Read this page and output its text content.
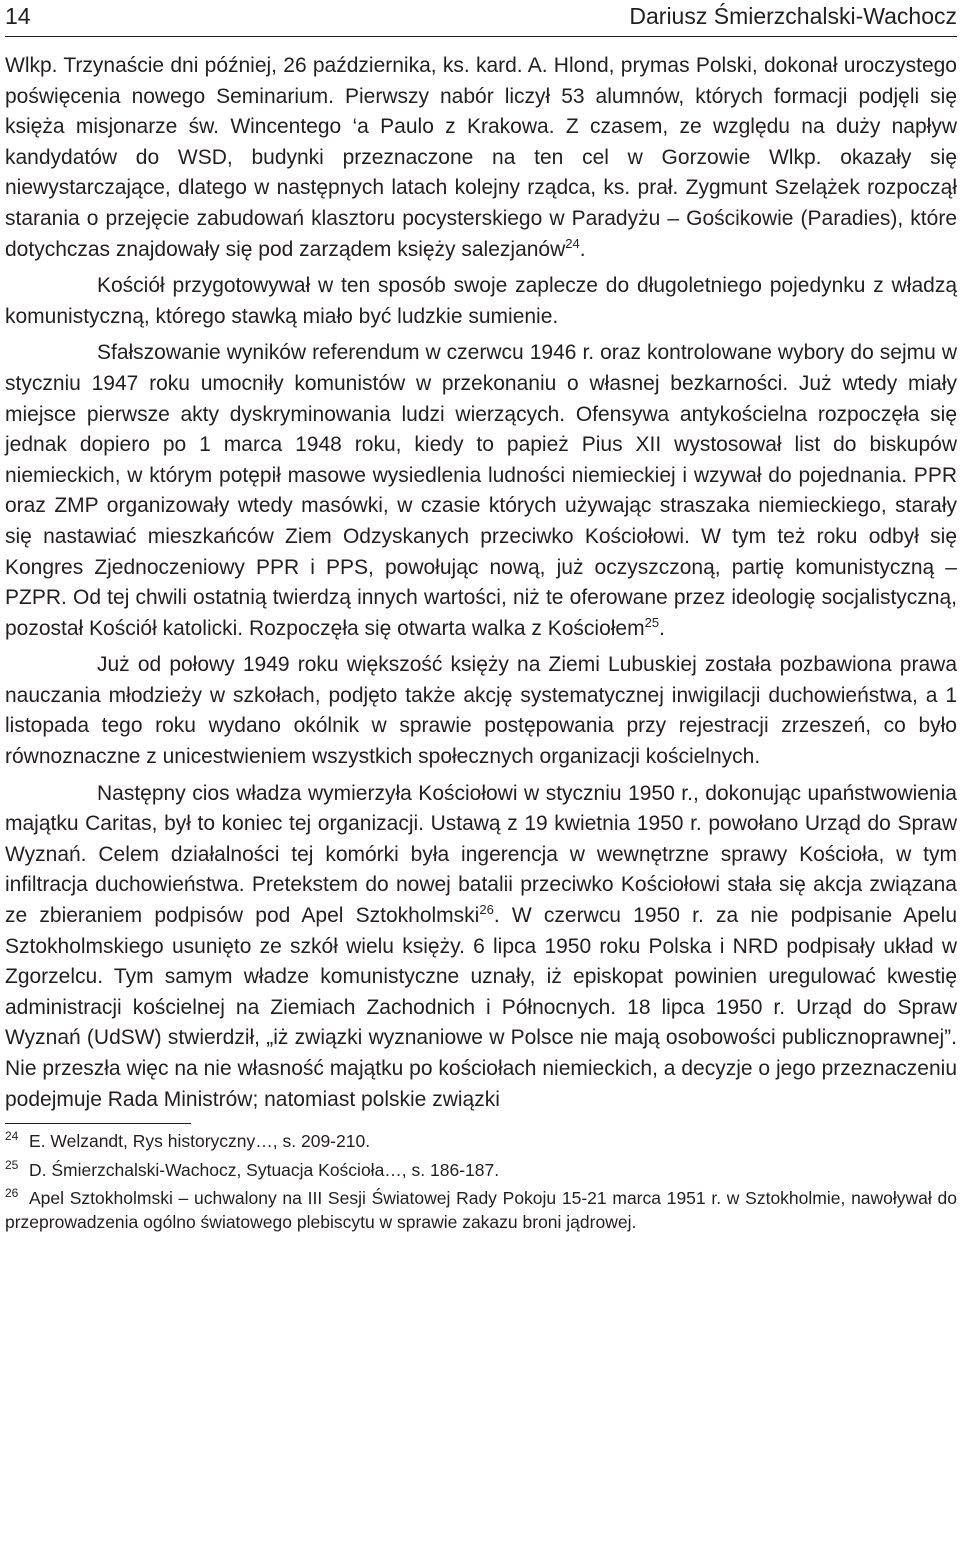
14	Dariusz Śmierzchalski-Wachocz

Wlkp. Trzynaście dni później, 26 października, ks. kard. A. Hlond, prymas Polski, dokonał uroczystego poświęcenia nowego Seminarium. Pierwszy nabór liczył 53 alumnów, których formacji podjęli się księża misjonarze św. Wincentego ‘a Paulo z Krakowa. Z czasem, ze względu na duży napływ kandydatów do WSD, budynki przeznaczone na ten cel w Gorzowie Wlkp. okazały się niewystarczające, dlatego w następnych latach kolejny rządca, ks. prał. Zygmunt Szelążek rozpoczął starania o przejęcie zabudowań klasztoru pocysterskiego w Paradyżu – Gościkowie (Paradies), które dotychczas znajdowały się pod zarządem księży salezjanów$^{24}$.

Kościół przygotowywał w ten sposób swoje zaplecze do długoletniego pojedynku z władzą komunistyczną, którego stawką miało być ludzkie sumienie.

Sfałszowanie wyników referendum w czerwcu 1946 r. oraz kontrolowane wybory do sejmu w styczniu 1947 roku umocniły komunistów w przekonaniu o własnej bezkarności. Już wtedy miały miejsce pierwsze akty dyskryminowania ludzi wierzących. Ofensywa antykościelna rozpoczęła się jednak dopiero po 1 marca 1948 roku, kiedy to papież Pius XII wystosował list do biskupów niemieckich, w którym potępił masowe wysiedlenia ludności niemieckiej i wzywał do pojednania. PPR oraz ZMP organizowały wtedy masówki, w czasie których używając straszaka niemieckiego, starały się nastawiać mieszkańców Ziem Odzyskanych przeciwko Kościołowi. W tym też roku odbył się Kongres Zjednoczeniowy PPR i PPS, powołując nową, już oczyszczoną, partię komunistyczną – PZPR. Od tej chwili ostatnią twierdzą innych wartości, niż te oferowane przez ideologię socjalistyczną, pozostał Kościół katolicki. Rozpoczęła się otwarta walka z Kościołem$^{25}$.

Już od połowy 1949 roku większość księży na Ziemi Lubuskiej została pozbawiona prawa nauczania młodzieży w szkołach, podjęto także akcję systematycznej inwigilacji duchowieństwa, a 1 listopada tego roku wydano okólnik w sprawie postępowania przy rejestracji zrzeszeń, co było równoznaczne z unicestwieniem wszystkich społecznych organizacji kościelnych.

Następny cios władza wymierzyła Kościołowi w styczniu 1950 r., dokonując upaństwowienia majątku Caritas, był to koniec tej organizacji. Ustawą z 19 kwietnia 1950 r. powołano Urząd do Spraw Wyznań. Celem działalności tej komórki była ingerencja w wewnętrzne sprawy Kościoła, w tym infiltracja duchowieństwa. Pretekstem do nowej batalii przeciwko Kościołowi stała się akcja związana ze zbieraniem podpisów pod Apel Sztokholmski$^{26}$. W czerwcu 1950 r. za nie podpisanie Apelu Sztokholmskiego usunięto ze szkół wielu księży. 6 lipca 1950 roku Polska i NRD podpisały układ w Zgorzelcu. Tym samym władze komunistyczne uznały, iż episkopat powinien uregulować kwestię administracji kościelnej na Ziemiach Zachodnich i Północnych. 18 lipca 1950 r. Urząd do Spraw Wyznań (UdSW) stwierdził, „iż związki wyznaniowe w Polsce nie mają osobowości publicznoprawnej”. Nie przeszła więc na nie własność majątku po kościołach niemieckich, a decyzje o jego przeznaczeniu podejmuje Rada Ministrów; natomiast polskie związki

24 E. Welzandt, Rys historyczny…, s. 209-210.
25 D. Śmierzchalski-Wachocz, Sytuacja Kościoła…, s. 186-187.
26 Apel Sztokholmski – uchwalony na III Sesji Światowej Rady Pokoju 15-21 marca 1951 r. w Sztokholmie, nawoływał do przeprowadzenia ogólno światowego plebiscytu w sprawie zakazu broni jądrowej.
